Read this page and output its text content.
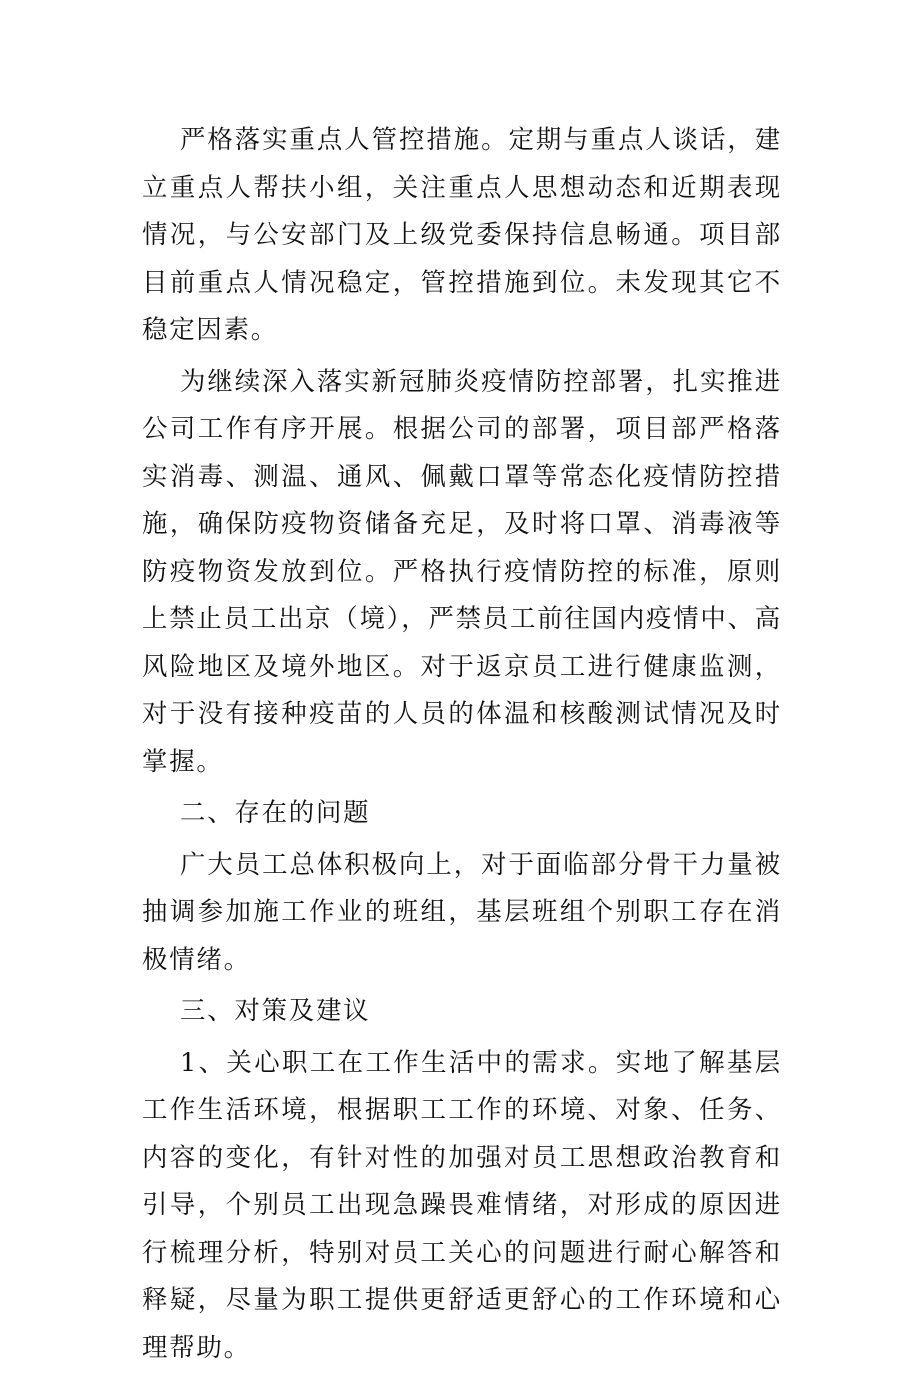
严格落实重点人管控措施。定期与重点人谈话，建立重点人帮扶小组，关注重点人思想动态和近期表现情况，与公安部门及上级党委保持信息畅通。项目部目前重点人情况稳定，管控措施到位。未发现其它不稳定因素。

为继续深入落实新冠肺炎疫情防控部署，扎实推进公司工作有序开展。根据公司的部署，项目部严格落实消毒、测温、通风、佩戴口罩等常态化疫情防控措施，确保防疫物资储备充足，及时将口罩、消毒液等防疫物资发放到位。严格执行疫情防控的标准，原则上禁止员工出京（境），严禁员工前往国内疫情中、高风险地区及境外地区。对于返京员工进行健康监测，对于没有接种疫苗的人员的体温和核酸测试情况及时掌握。

二、存在的问题

广大员工总体积极向上，对于面临部分骨干力量被抽调参加施工作业的班组，基层班组个别职工存在消极情绪。

三、对策及建议

1、关心职工在工作生活中的需求。实地了解基层工作生活环境，根据职工工作的环境、对象、任务、内容的变化，有针对性的加强对员工思想政治教育和引导，个别员工出现急躁畏难情绪，对形成的原因进行梳理分析，特别对员工关心的问题进行耐心解答和释疑，尽量为职工提供更舒适更舒心的工作环境和心理帮助。
